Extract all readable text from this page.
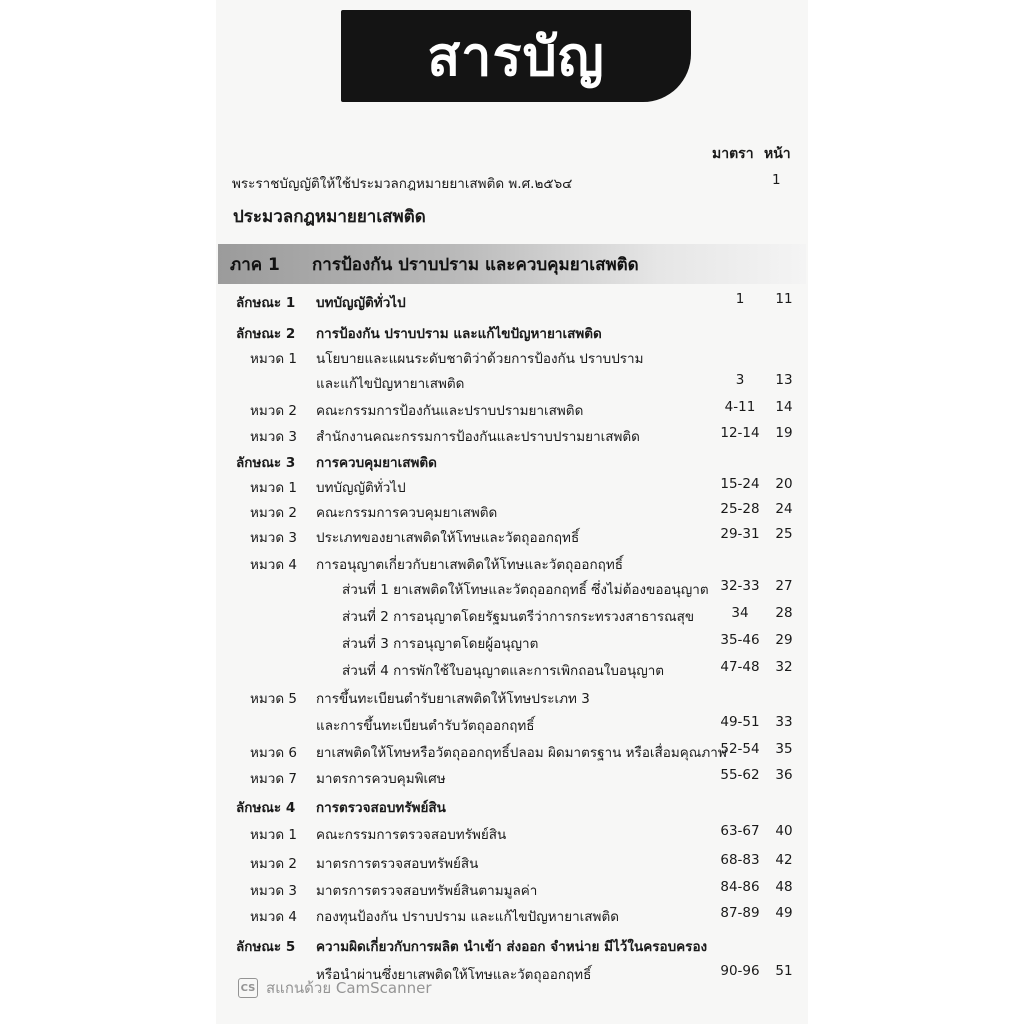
สารบัญ
มาตรา หน้า
พระราชบัญญัติให้ใช้ประมวลกฎหมายยาเสพติด พ.ศ.๒๕๖๔	1
ประมวลกฎหมายยาเสพติด
ภาค 1	การป้องกัน ปราบปราม และควบคุมยาเสพติด
ลักษณะ 1 บทบัญญัติทั่วไป	1	11
ลักษณะ 2 การป้องกัน ปราบปราม และแก้ไขปัญหายาเสพติด
หมวด 1 นโยบายและแผนระดับชาติว่าด้วยการป้องกัน ปราบปราม
และแก้ไขปัญหายาเสพติด	3	13
หมวด 2 คณะกรรมการป้องกันและปราบปรามยาเสพติด	4-11	14
หมวด 3 สำนักงานคณะกรรมการป้องกันและปราบปรามยาเสพติด	12-14	19
ลักษณะ 3 การควบคุมยาเสพติด
หมวด 1 บทบัญญัติทั่วไป	15-24	20
หมวด 2 คณะกรรมการควบคุมยาเสพติด	25-28	24
หมวด 3 ประเภทของยาเสพติดให้โทษและวัตถุออกฤทธิ์	29-31	25
หมวด 4 การอนุญาตเกี่ยวกับยาเสพติดให้โทษและวัตถุออกฤทธิ์
ส่วนที่ 1 ยาเสพติดให้โทษและวัตถุออกฤทธิ์ ซึ่งไม่ต้องขออนุญาต 32-33	27
ส่วนที่ 2 การอนุญาตโดยรัฐมนตรีว่าการกระทรวงสาธารณสุข	34	28
ส่วนที่ 3 การอนุญาตโดยผู้อนุญาต	35-46	29
ส่วนที่ 4 การพักใช้ใบอนุญาตและการเพิกถอนใบอนุญาต	47-48	32
หมวด 5 การขึ้นทะเบียนตำรับยาเสพติดให้โทษประเภท 3
และการขึ้นทะเบียนตำรับวัตถุออกฤทธิ์	49-51	33
หมวด 6 ยาเสพติดให้โทษหรือวัตถุออกฤทธิ์ปลอม ผิดมาตรฐาน หรือเสื่อมคุณภาพ
52-54	35
หมวด 7 มาตรการควบคุมพิเศษ	55-62	36
ลักษณะ 4 การตรวจสอบทรัพย์สิน
หมวด 1 คณะกรรมการตรวจสอบทรัพย์สิน	63-67	40
หมวด 2 มาตรการตรวจสอบทรัพย์สิน	68-83	42
หมวด 3 มาตรการตรวจสอบทรัพย์สินตามมูลค่า	84-86	48
หมวด 4 กองทุนป้องกัน ปราบปราม และแก้ไขปัญหายาเสพติด	87-89	49
ลักษณะ 5 ความผิดเกี่ยวกับการผลิต นำเข้า ส่งออก จำหน่าย มีไว้ในครอบครอง
หรือนำผ่านซึ่งยาเสพติดให้โทษและวัตถุออกฤทธิ์	90-96	51
CS สแกนด้วย CamScanner
